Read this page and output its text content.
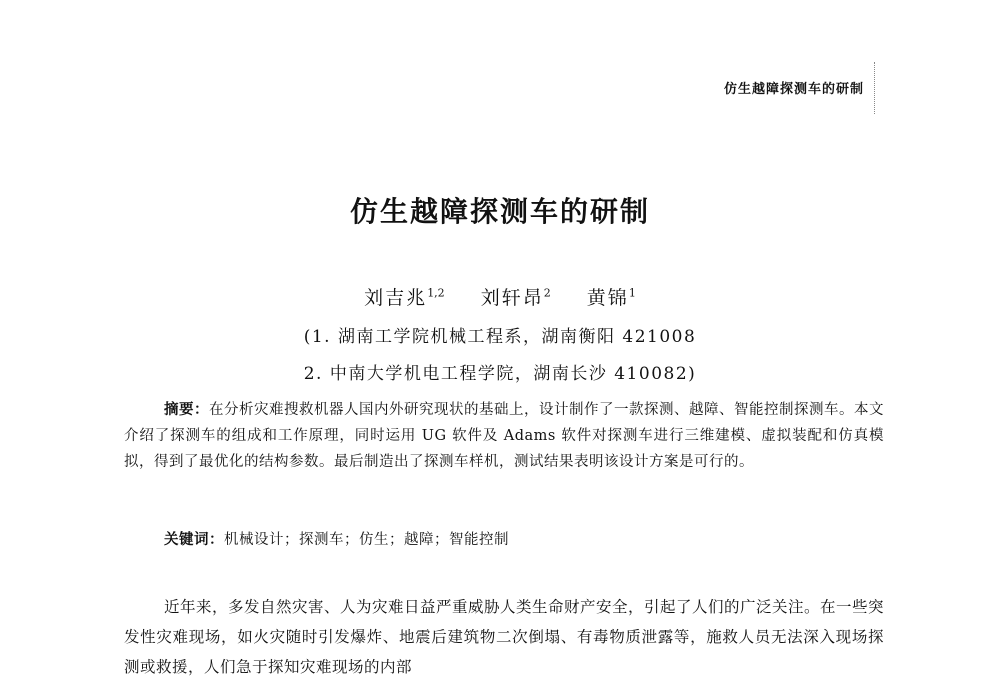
仿生越障探测车的研制
仿生越障探测车的研制
刘吉兆$^{1,2}$ 刘轩昂$^2$ 黄锦$^1$
(1. 湖南工学院机械工程系，湖南衡阳 421008
2. 中南大学机电工程学院，湖南长沙 410082)
摘要：在分析灾难搜救机器人国内外研究现状的基础上，设计制作了一款探测、越障、智能控制探测车。本文介绍了探测车的组成和工作原理，同时运用 UG 软件及 Adams 软件对探测车进行三维建模、虚拟装配和仿真模拟，得到了最优化的结构参数。最后制造出了探测车样机，测试结果表明该设计方案是可行的。
关键词：机械设计；探测车；仿生；越障；智能控制
近年来，多发自然灾害、人为灾难日益严重威胁人类生命财产安全，引起了人们的广泛关注。在一些突发性灾难现场，如火灾随时引发爆炸、地震后建筑物二次倒塌、有毒物质泄露等，施救人员无法深入现场探测或救援，人们急于探知灾难现场的内部
